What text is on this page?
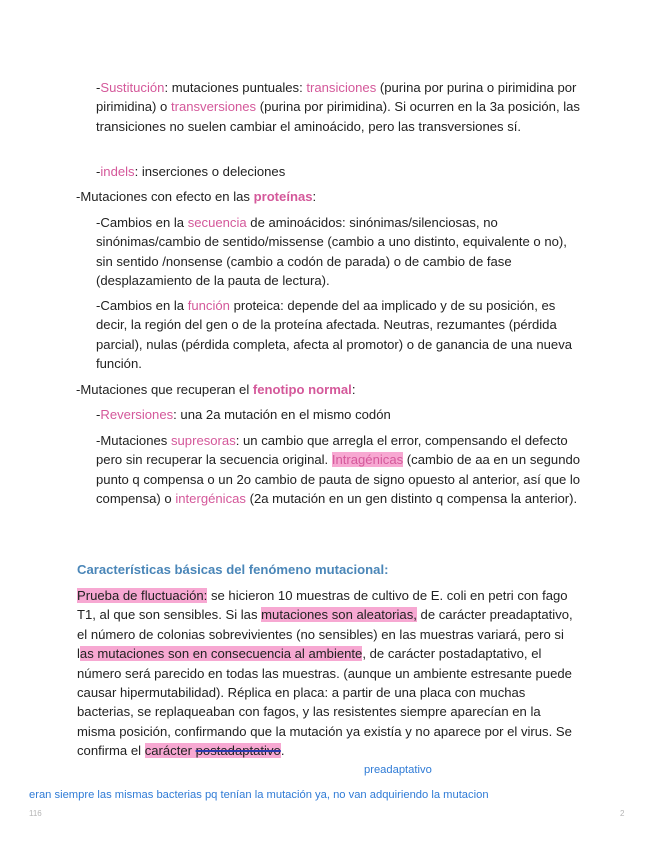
-Sustitución: mutaciones puntuales: transiciones (purina por purina o pirimidina por pirimidina) o transversiones (purina por pirimidina). Si ocurren en la 3a posición, las transiciones no suelen cambiar el aminoácido, pero las transversiones sí.

-indels: inserciones o deleciones

-Mutaciones con efecto en las proteínas:

-Cambios en la secuencia de aminoácidos: sinónimas/silenciosas, no sinónimas/cambio de sentido/missense (cambio a uno distinto, equivalente o no), sin sentido /nonsense (cambio a codón de parada) o de cambio de fase (desplazamiento de la pauta de lectura).

-Cambios en la función proteica: depende del aa implicado y de su posición, es decir, la región del gen o de la proteína afectada. Neutras, rezumantes (pérdida parcial), nulas (pérdida completa, afecta al promotor) o de ganancia de una nueva función.

-Mutaciones que recuperan el fenotipo normal:

-Reversiones: una 2a mutación en el mismo codón

-Mutaciones supresoras: un cambio que arregla el error, compensando el defecto pero sin recuperar la secuencia original. Intragénicas (cambio de aa en un segundo punto q compensa o un 2o cambio de pauta de signo opuesto al anterior, así que lo compensa) o intergénicas (2a mutación en un gen distinto q compensa la anterior).

Características básicas del fenómeno mutacional:

Prueba de fluctuación: se hicieron 10 muestras de cultivo de E. coli en petri con fago T1, al que son sensibles. Si las mutaciones son aleatorias, de carácter preadaptativo, el número de colonias sobrevivientes (no sensibles) en las muestras variará, pero si las mutaciones son en consecuencia al ambiente, de carácter postadaptativo, el número será parecido en todas las muestras. (aunque un ambiente estresante puede causar hipermutabilidad). Réplica en placa: a partir de una placa con muchas bacterias, se replaqueaban con fagos, y las resistentes siempre aparecían en la misma posición, confirmando que la mutación ya existía y no aparece por el virus. Se confirma el carácter postadaptativo.

preadaptativo
eran siempre las mismas bacterias pq tenían la mutación ya, no van adquiriendo la mutacion
116	2
